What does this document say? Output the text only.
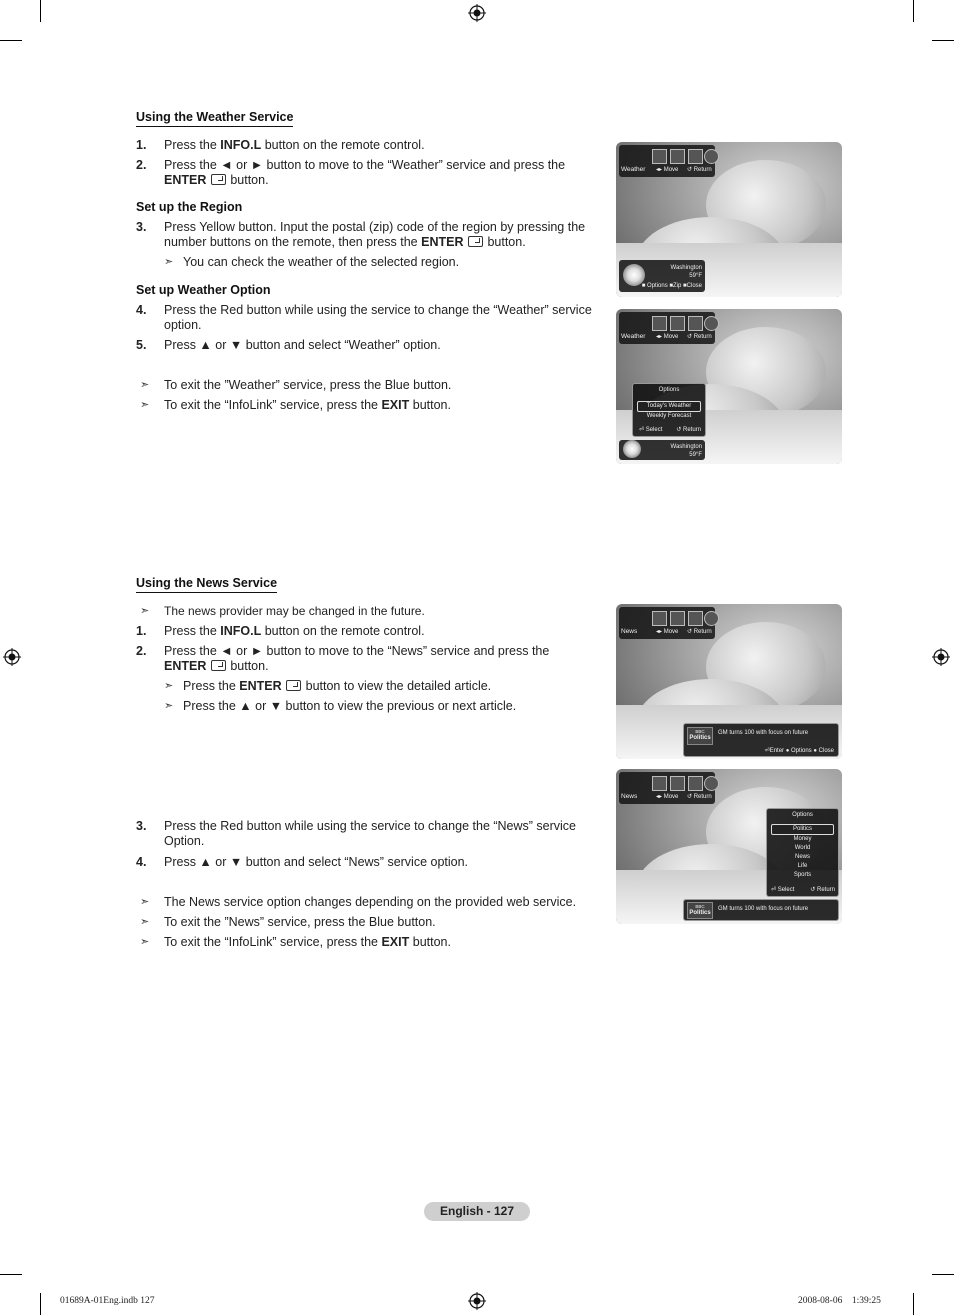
Using the Weather Service
1. Press the INFO.L button on the remote control.
2. Press the ◄ or ► button to move to the “Weather” service and press the
ENTER  button.
Set up the Region
3. Press Yellow button. Input the postal (zip) code of the region by pressing the
number buttons on the remote, then press the ENTER  button.
➣ You can check the weather of the selected region.
Set up Weather Option
4. Press the Red button while using the service to change the “Weather” service
option.
5. Press ▲ or ▼ button and select “Weather” option.
➣ To exit the ”Weather” service, press the Blue button.
➣ To exit the “InfoLink” service, press the EXIT button.
Weather ◂▸ Move ↺ Return
Washington
59°F
■ Options ■Zip ■Close
Weather ◂▸ Move ↺ Return
Options
Today's Weather
Weekly Forecast
⏎ Select ↺ Return
Washington
59°F
Using the News Service
➣ The news provider may be changed in the future.
1. Press the INFO.L button on the remote control.
2. Press the ◄ or ► button to move to the “News” service and press the
ENTER  button.
➣ Press the ENTER  button to view the detailed article.
➣ Press the ▲ or ▼ button to view the previous or next article.
3. Press the Red button while using the service to change the “News” service
Option.
4. Press ▲ or ▼ button and select “News” service option.
➣ The News service option changes depending on the provided web service.
➣ To exit the ”News” service, press the Blue button.
➣ To exit the “InfoLink” service, press the EXIT button.
News	◂▸ Move ↺ Return
BBC
Politics
GM turns 100 with focus on future
⏎Enter ● Options ● Close
News	◂▸ Move ↺ Return
Options
Politics
Money
World
News
Life
Sports
⏎ Select	↺ Return
BBC
Politics
GM turns 100 with focus on future
English - 127
01689A-01Eng.indb 127	2008-08-06    1:39:25
